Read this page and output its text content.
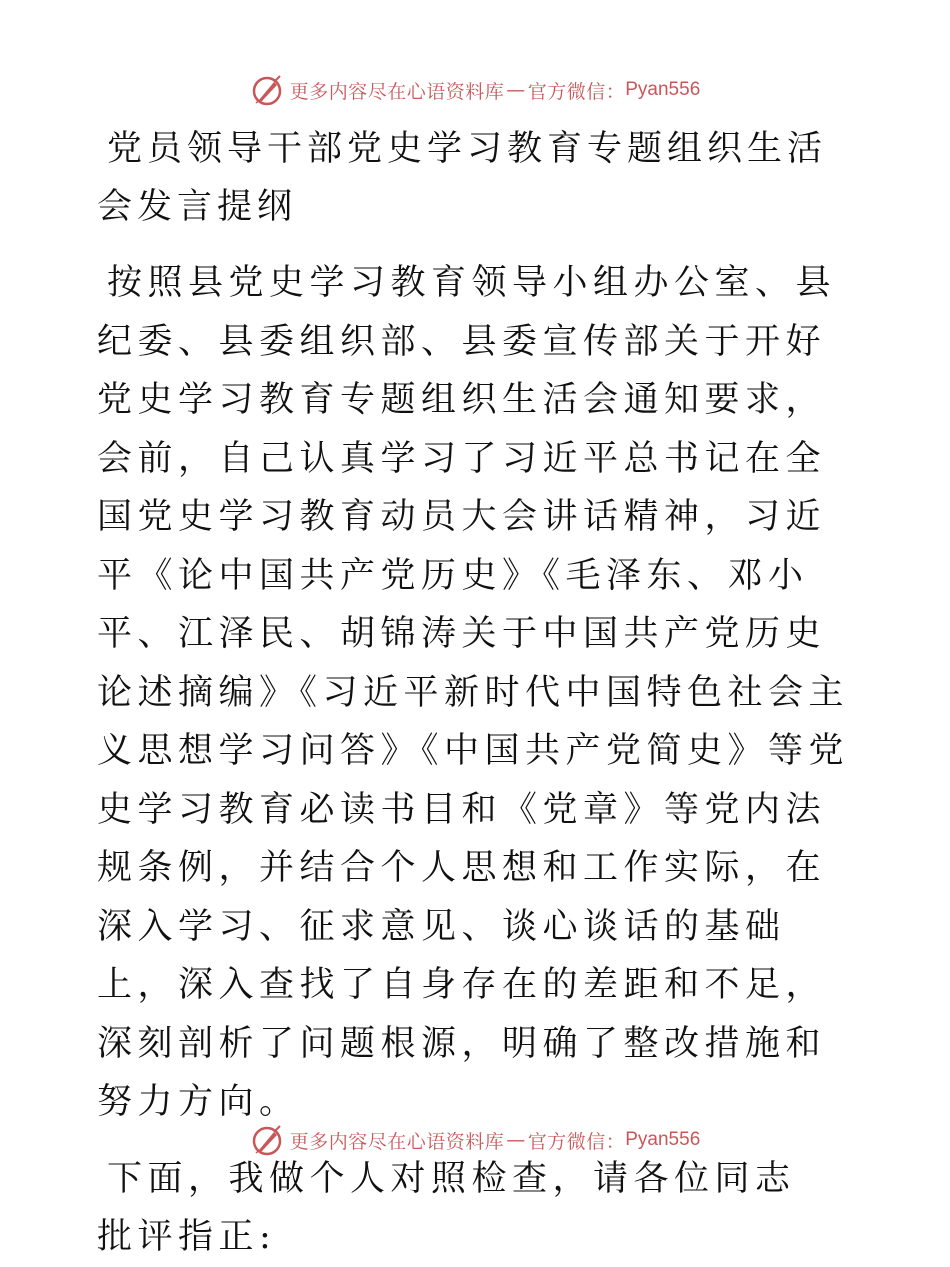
更多内容尽在心语资料库 — 官方微信： Pyan556
党员领导干部党史学习教育专题组织生活会发言提纲

按照县党史学习教育领导小组办公室、县纪委、县委组织部、县委宣传部关于开好党史学习教育专题组织生活会通知要求，会前，自己认真学习了习近平总书记在全国党史学习教育动员大会讲话精神，习近平《论中国共产党历史》《毛泽东、邓小平、江泽民、胡锦涛关于中国共产党历史论述摘编》《习近平新时代中国特色社会主义思想学习问答》《中国共产党简史》等党史学习教育必读书目和《党章》等党内法规条例，并结合个人思想和工作实际，在深入学习、征求意见、谈心谈话的基础上，深入查找了自身存在的差距和不足，深刻剖析了问题根源，明确了整改措施和努力方向。

下面，我做个人对照检查，请各位同志批评指正:

更多内容尽在心语资料库 — 官方微信： Pyan556
